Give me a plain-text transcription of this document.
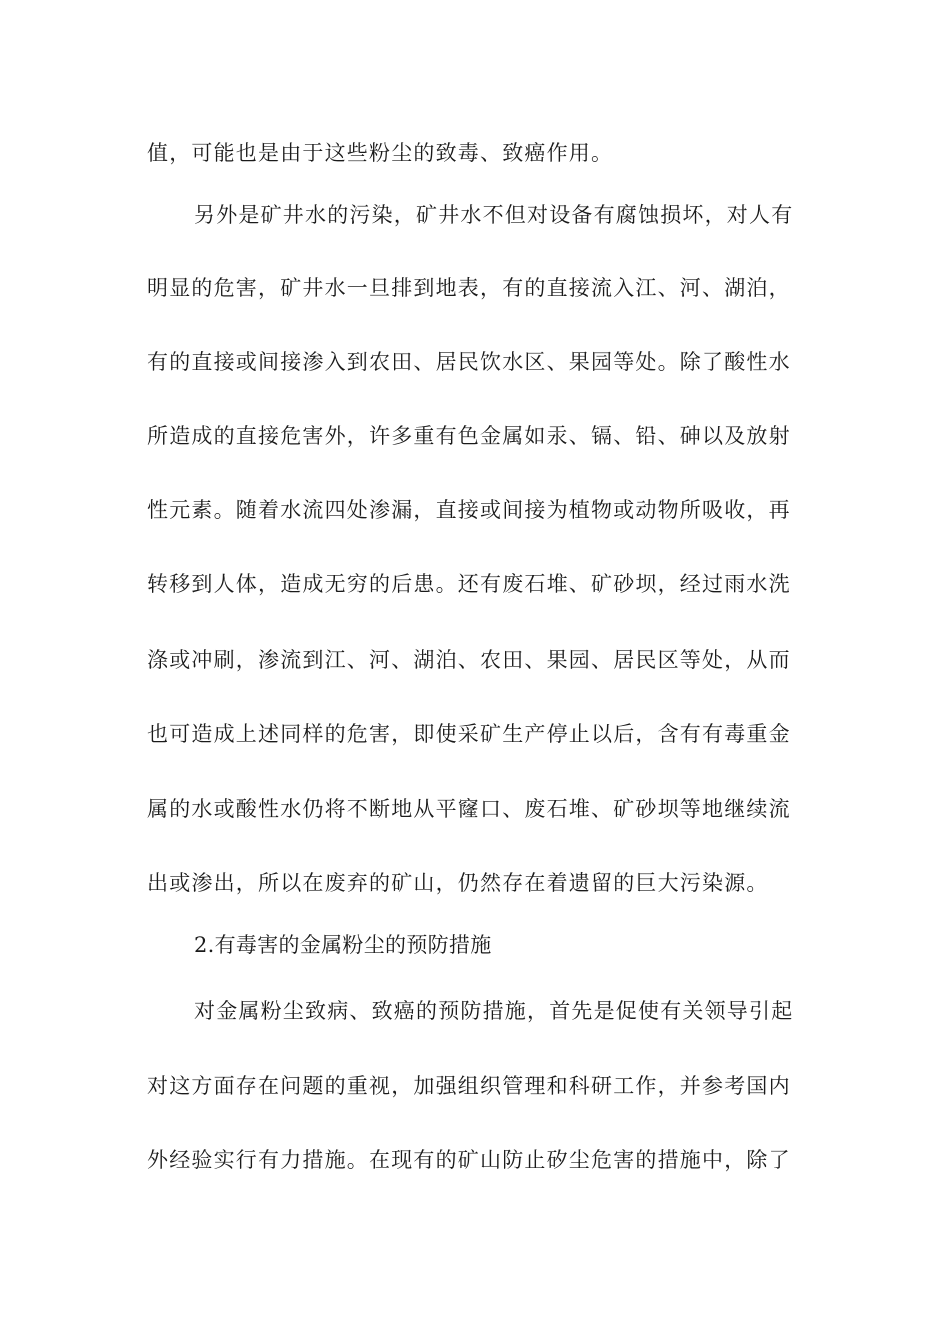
值，可能也是由于这些粉尘的致毒、致癌作用。
另外是矿井水的污染，矿井水不但对设备有腐蚀损坏，对人有
明显的危害，矿井水一旦排到地表，有的直接流入江、河、湖泊，
有的直接或间接渗入到农田、居民饮水区、果园等处。除了酸性水
所造成的直接危害外，许多重有色金属如汞、镉、铅、砷以及放射
性元素。随着水流四处渗漏，直接或间接为植物或动物所吸收，再
转移到人体，造成无穷的后患。还有废石堆、矿砂坝，经过雨水洗
涤或冲刷，渗流到江、河、湖泊、农田、果园、居民区等处，从而
也可造成上述同样的危害，即使采矿生产停止以后，含有有毒重金
属的水或酸性水仍将不断地从平窿口、废石堆、矿砂坝等地继续流
出或渗出，所以在废弃的矿山，仍然存在着遗留的巨大污染源。
2.有毒害的金属粉尘的预防措施
对金属粉尘致病、致癌的预防措施，首先是促使有关领导引起
对这方面存在问题的重视，加强组织管理和科研工作，并参考国内
外经验实行有力措施。在现有的矿山防止矽尘危害的措施中，除了
